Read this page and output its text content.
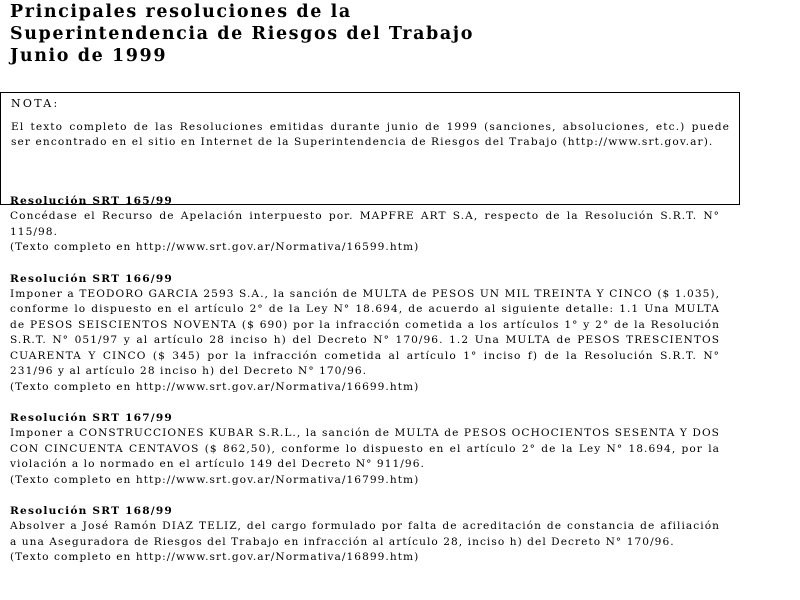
Principales resoluciones de la
Superintendencia de Riesgos del Trabajo
Junio de 1999

NOTA:

El texto completo de las Resoluciones emitidas durante junio de 1999 (sanciones, absoluciones, etc.) puede ser encontrado en el sitio en Internet de la Superintendencia de Riesgos del Trabajo (http://www.srt.gov.ar).

Resolución SRT 165/99

Concédase el Recurso de Apelación interpuesto por. MAPFRE ART S.A, respecto de la Resolución S.R.T. N° 115/98.

(Texto completo en http://www.srt.gov.ar/Normativa/16599.htm)

Resolución SRT 166/99

Imponer a TEODORO GARCIA 2593 S.A., la sanción de MULTA de PESOS UN MIL TREINTA Y CINCO ($ 1.035), conforme lo dispuesto en el artículo 2° de la Ley N° 18.694, de acuerdo al siguiente detalle: 1.1 Una MULTA de PESOS SEISCIENTOS NOVENTA ($ 690) por la infracción cometida a los artículos 1° y 2° de la Resolución S.R.T. N° 051/97 y al artículo 28 inciso h) del Decreto N° 170/96. 1.2 Una MULTA de PESOS TRESCIENTOS CUARENTA Y CINCO ($ 345) por la infracción cometida al artículo 1° inciso f) de la Resolución S.R.T. N° 231/96 y al artículo 28 inciso h) del Decreto N° 170/96.

(Texto completo en http://www.srt.gov.ar/Normativa/16699.htm)

Resolución SRT 167/99

Imponer a CONSTRUCCIONES KUBAR S.R.L., la sanción de MULTA de PESOS OCHOCIENTOS SESENTA Y DOS CON CINCUENTA CENTAVOS ($ 862,50), conforme lo dispuesto en el artículo 2° de la Ley N° 18.694, por la violación a lo normado en el artículo 149 del Decreto N° 911/96.

(Texto completo en http://www.srt.gov.ar/Normativa/16799.htm)

Resolución SRT 168/99

Absolver a José Ramón DIAZ TELIZ, del cargo formulado por falta de acreditación de constancia de afiliación a una Aseguradora de Riesgos del Trabajo en infracción al artículo 28, inciso h) del Decreto N° 170/96.

(Texto completo en http://www.srt.gov.ar/Normativa/16899.htm)
